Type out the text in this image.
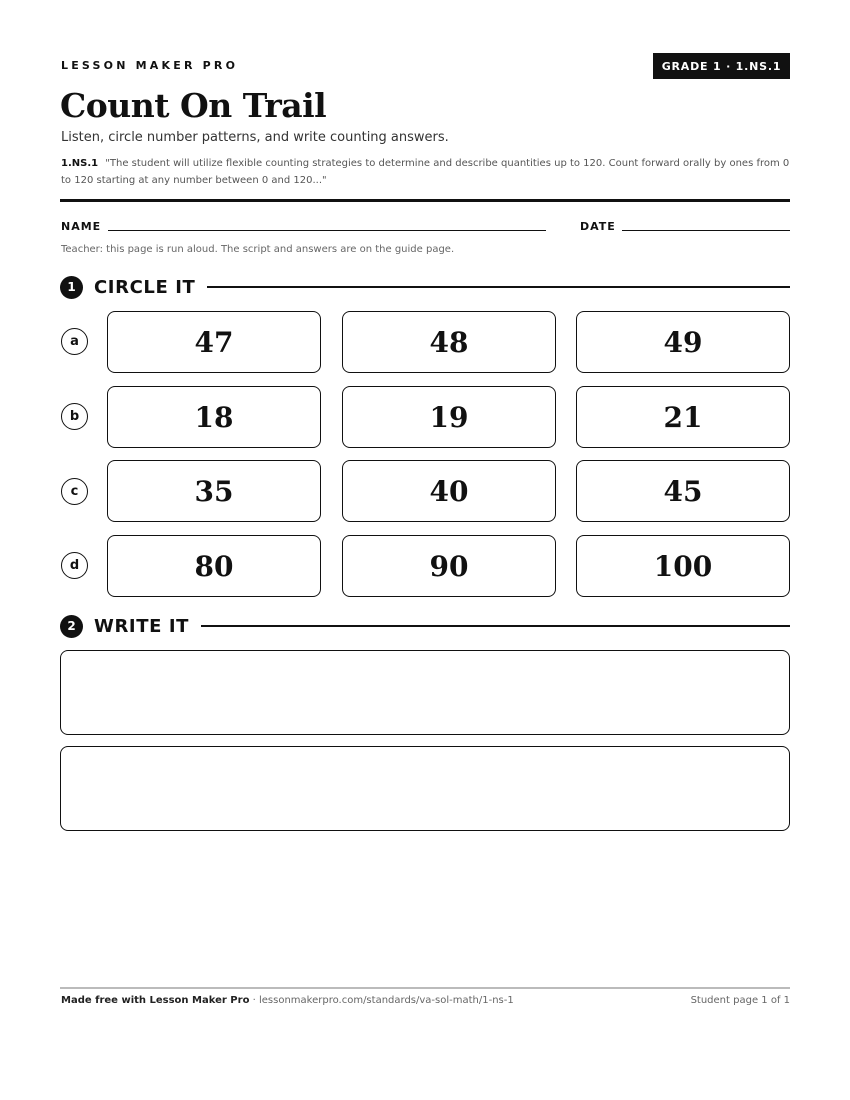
LESSON MAKER PRO	GRADE 1 · 1.NS.1
Count On Trail
Listen, circle number patterns, and write counting answers.
1.NS.1 "The student will utilize flexible counting strategies to determine and describe quantities up to 120. Count forward orally by ones from 0 to 120 starting at any number between 0 and 120..."
NAME	DATE
Teacher: this page is run aloud. The script and answers are on the guide page.
1	CIRCLE IT
a	47	48	49
b	18	19	21
c	35	40	45
d	80	90	100
2	WRITE IT
Made free with Lesson Maker Pro · lessonmakerpro.com/standards/va-sol-math/1-ns-1	Student page 1 of 1
